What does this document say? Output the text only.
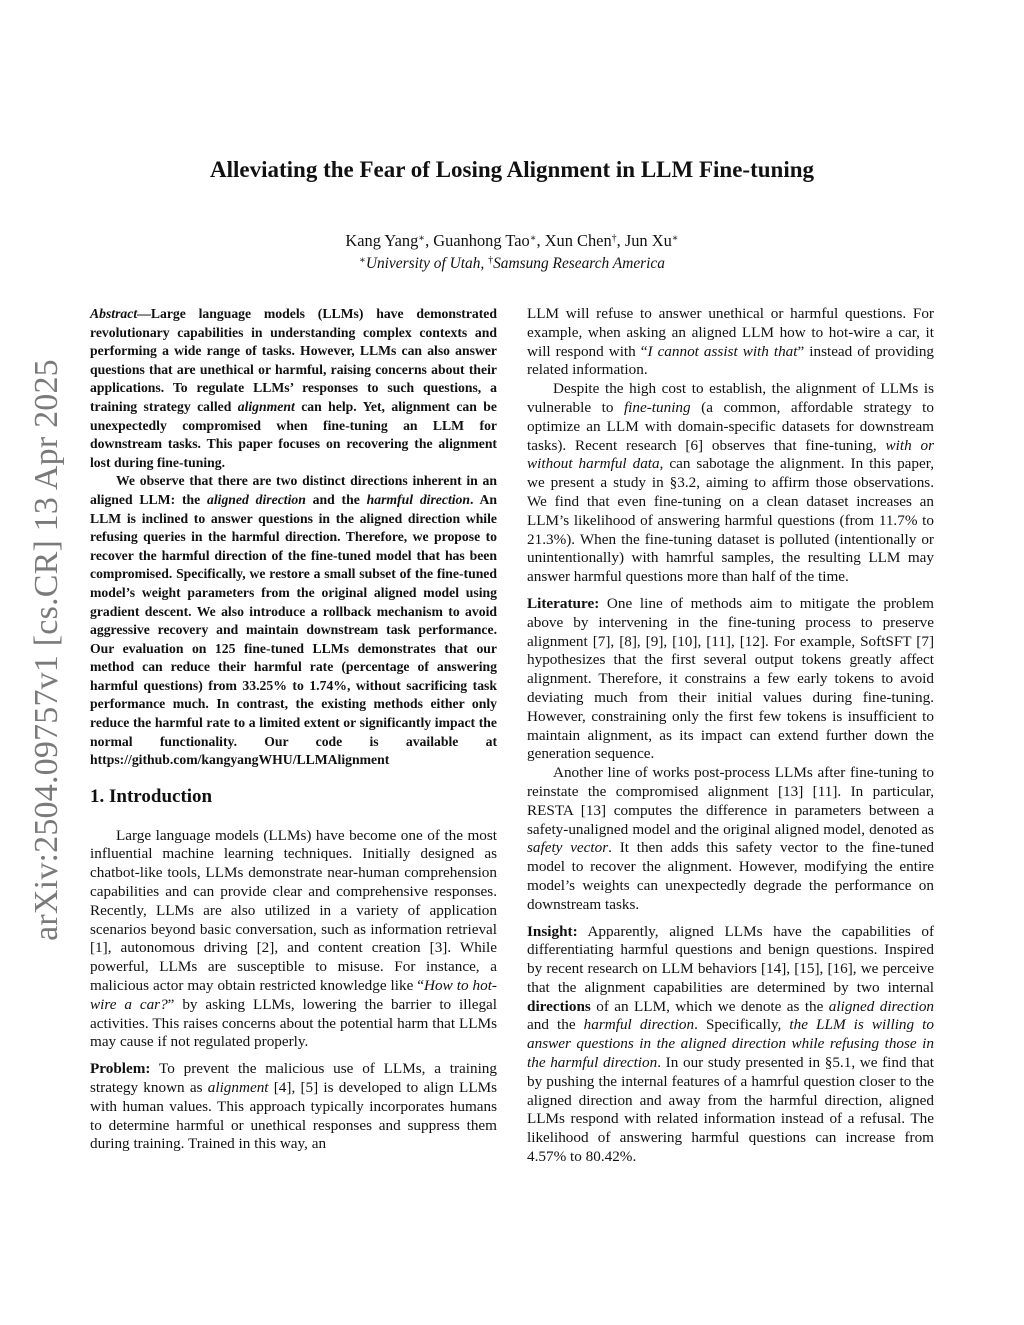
arXiv:2504.09757v1 [cs.CR] 13 Apr 2025
Alleviating the Fear of Losing Alignment in LLM Fine-tuning
Kang Yang∗, Guanhong Tao∗, Xun Chen†, Jun Xu∗
∗University of Utah, †Samsung Research America

Abstract—Large language models (LLMs) have demonstrated revolutionary capabilities in understanding complex contexts and performing a wide range of tasks. However, LLMs can also answer questions that are unethical or harmful, raising concerns about their applications. To regulate LLMs’ responses to such questions, a training strategy called alignment can help. Yet, alignment can be unexpectedly compromised when fine-tuning an LLM for downstream tasks. This paper focuses on recovering the alignment lost during fine-tuning.

We observe that there are two distinct directions inherent in an aligned LLM: the aligned direction and the harmful direction. An LLM is inclined to answer questions in the aligned direction while refusing queries in the harmful direction. Therefore, we propose to recover the harmful direction of the fine-tuned model that has been compromised. Specifically, we restore a small subset of the fine-tuned model’s weight parameters from the original aligned model using gradient descent. We also introduce a rollback mechanism to avoid aggressive recovery and maintain downstream task performance. Our evaluation on 125 fine-tuned LLMs demonstrates that our method can reduce their harmful rate (percentage of answering harmful questions) from 33.25% to 1.74%, without sacrificing task performance much. In contrast, the existing methods either only reduce the harmful rate to a limited extent or significantly impact the normal functionality. Our code is available at https://github.com/kangyangWHU/LLMAlignment

1. Introduction

Large language models (LLMs) have become one of the most influential machine learning techniques. Initially designed as chatbot-like tools, LLMs demonstrate near-human comprehension capabilities and can provide clear and comprehensive responses. Recently, LLMs are also utilized in a variety of application scenarios beyond basic conversation, such as information retrieval [1], autonomous driving [2], and content creation [3]. While powerful, LLMs are susceptible to misuse. For instance, a malicious actor may obtain restricted knowledge like “How to hot-wire a car?” by asking LLMs, lowering the barrier to illegal activities. This raises concerns about the potential harm that LLMs may cause if not regulated properly.

Problem: To prevent the malicious use of LLMs, a training strategy known as alignment [4], [5] is developed to align LLMs with human values. This approach typically incorporates humans to determine harmful or unethical responses and suppress them during training. Trained in this way, an

LLM will refuse to answer unethical or harmful questions. For example, when asking an aligned LLM how to hot-wire a car, it will respond with “I cannot assist with that” instead of providing related information.

Despite the high cost to establish, the alignment of LLMs is vulnerable to fine-tuning (a common, affordable strategy to optimize an LLM with domain-specific datasets for downstream tasks). Recent research [6] observes that fine-tuning, with or without harmful data, can sabotage the alignment. In this paper, we present a study in §3.2, aiming to affirm those observations. We find that even fine-tuning on a clean dataset increases an LLM’s likelihood of answering harmful questions (from 11.7% to 21.3%). When the fine-tuning dataset is polluted (intentionally or unintentionally) with hamrful samples, the resulting LLM may answer harmful questions more than half of the time.

Literature: One line of methods aim to mitigate the problem above by intervening in the fine-tuning process to preserve alignment [7], [8], [9], [10], [11], [12]. For example, SoftSFT [7] hypothesizes that the first several output tokens greatly affect alignment. Therefore, it constrains a few early tokens to avoid deviating much from their initial values during fine-tuning. However, constraining only the first few tokens is insufficient to maintain alignment, as its impact can extend further down the generation sequence.

Another line of works post-process LLMs after fine-tuning to reinstate the compromised alignment [13] [11]. In particular, RESTA [13] computes the difference in parameters between a safety-unaligned model and the original aligned model, denoted as safety vector. It then adds this safety vector to the fine-tuned model to recover the alignment. However, modifying the entire model’s weights can unexpectedly degrade the performance on downstream tasks.

Insight: Apparently, aligned LLMs have the capabilities of differentiating harmful questions and benign questions. Inspired by recent research on LLM behaviors [14], [15], [16], we perceive that the alignment capabilities are determined by two internal directions of an LLM, which we denote as the aligned direction and the harmful direction. Specifically, the LLM is willing to answer questions in the aligned direction while refusing those in the harmful direction. In our study presented in §5.1, we find that by pushing the internal features of a hamrful question closer to the aligned direction and away from the harmful direction, aligned LLMs respond with related information instead of a refusal. The likelihood of answering harmful questions can increase from 4.57% to 80.42%.
